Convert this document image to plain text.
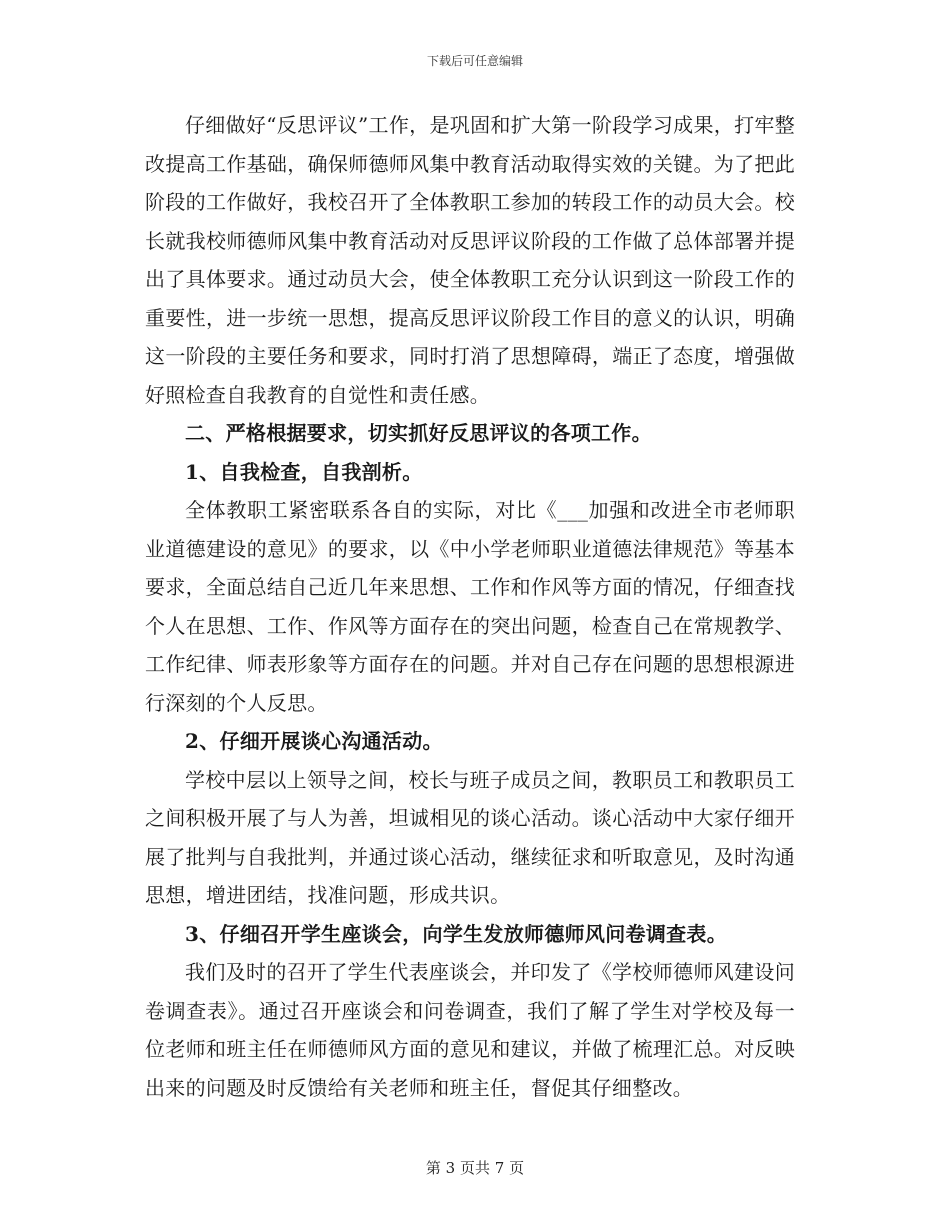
下载后可任意编辑

仔细做好“反思评议”工作，是巩固和扩大第一阶段学习成果，打牢整改提高工作基础，确保师德师风集中教育活动取得实效的关键。为了把此阶段的工作做好，我校召开了全体教职工参加的转段工作的动员大会。校长就我校师德师风集中教育活动对反思评议阶段的工作做了总体部署并提出了具体要求。通过动员大会，使全体教职工充分认识到这一阶段工作的重要性，进一步统一思想，提高反思评议阶段工作目的意义的认识，明确这一阶段的主要任务和要求，同时打消了思想障碍，端正了态度，增强做好照检查自我教育的自觉性和责任感。

二、严格根据要求，切实抓好反思评议的各项工作。

1、自我检查，自我剖析。

全体教职工紧密联系各自的实际，对比《___加强和改进全市老师职业道德建设的意见》的要求，以《中小学老师职业道德法律规范》等基本要求，全面总结自己近几年来思想、工作和作风等方面的情况，仔细查找个人在思想、工作、作风等方面存在的突出问题，检查自己在常规教学、工作纪律、师表形象等方面存在的问题。并对自己存在问题的思想根源进行深刻的个人反思。

2、仔细开展谈心沟通活动。

学校中层以上领导之间，校长与班子成员之间，教职员工和教职员工之间积极开展了与人为善，坦诚相见的谈心活动。谈心活动中大家仔细开展了批判与自我批判，并通过谈心活动，继续征求和听取意见，及时沟通思想，增进团结，找准问题，形成共识。

3、仔细召开学生座谈会，向学生发放师德师风问卷调查表。

我们及时的召开了学生代表座谈会，并印发了《学校师德师风建设问卷调查表》。通过召开座谈会和问卷调查，我们了解了学生对学校及每一位老师和班主任在师德师风方面的意见和建议，并做了梳理汇总。对反映出来的问题及时反馈给有关老师和班主任，督促其仔细整改。

第 3 页共 7 页
